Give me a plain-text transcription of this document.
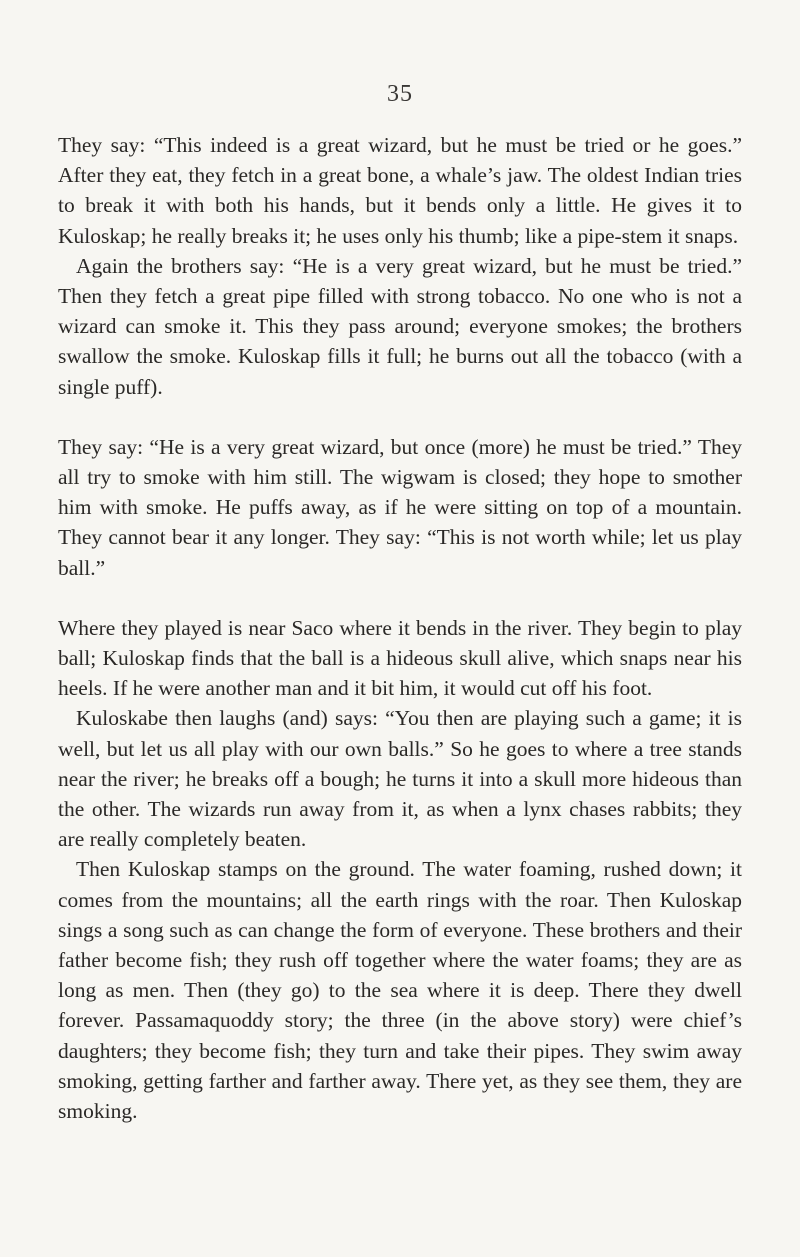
35

They say: “This indeed is a great wizard, but he must be tried or he goes.” After they eat, they fetch in a great bone, a whale’s jaw. The oldest Indian tries to break it with both his hands, but it bends only a little. He gives it to Kuloskap; he really breaks it; he uses only his thumb; like a pipe-stem it snaps.

Again the brothers say: “He is a very great wizard, but he must be tried.” Then they fetch a great pipe filled with strong tobacco. No one who is not a wizard can smoke it. This they pass around; everyone smokes; the brothers swallow the smoke. Kuloskap fills it full; he burns out all the tobacco (with a single puff).

They say: “He is a very great wizard, but once (more) he must be tried.” They all try to smoke with him still. The wigwam is closed; they hope to smother him with smoke. He puffs away, as if he were sitting on top of a mountain. They cannot bear it any longer. They say: “This is not worth while; let us play ball.”

Where they played is near Saco where it bends in the river. They begin to play ball; Kuloskap finds that the ball is a hideous skull alive, which snaps near his heels. If he were another man and it bit him, it would cut off his foot.

Kuloskabe then laughs (and) says: “You then are playing such a game; it is well, but let us all play with our own balls.” So he goes to where a tree stands near the river; he breaks off a bough; he turns it into a skull more hideous than the other. The wizards run away from it, as when a lynx chases rabbits; they are really completely beaten.

Then Kuloskap stamps on the ground. The water foaming, rushed down; it comes from the mountains; all the earth rings with the roar. Then Kuloskap sings a song such as can change the form of everyone. These brothers and their father become fish; they rush off together where the water foams; they are as long as men. Then (they go) to the sea where it is deep. There they dwell forever. Passamaquoddy story; the three (in the above story) were chief’s daughters; they become fish; they turn and take their pipes. They swim away smoking, getting farther and farther away. There yet, as they see them, they are smoking.
